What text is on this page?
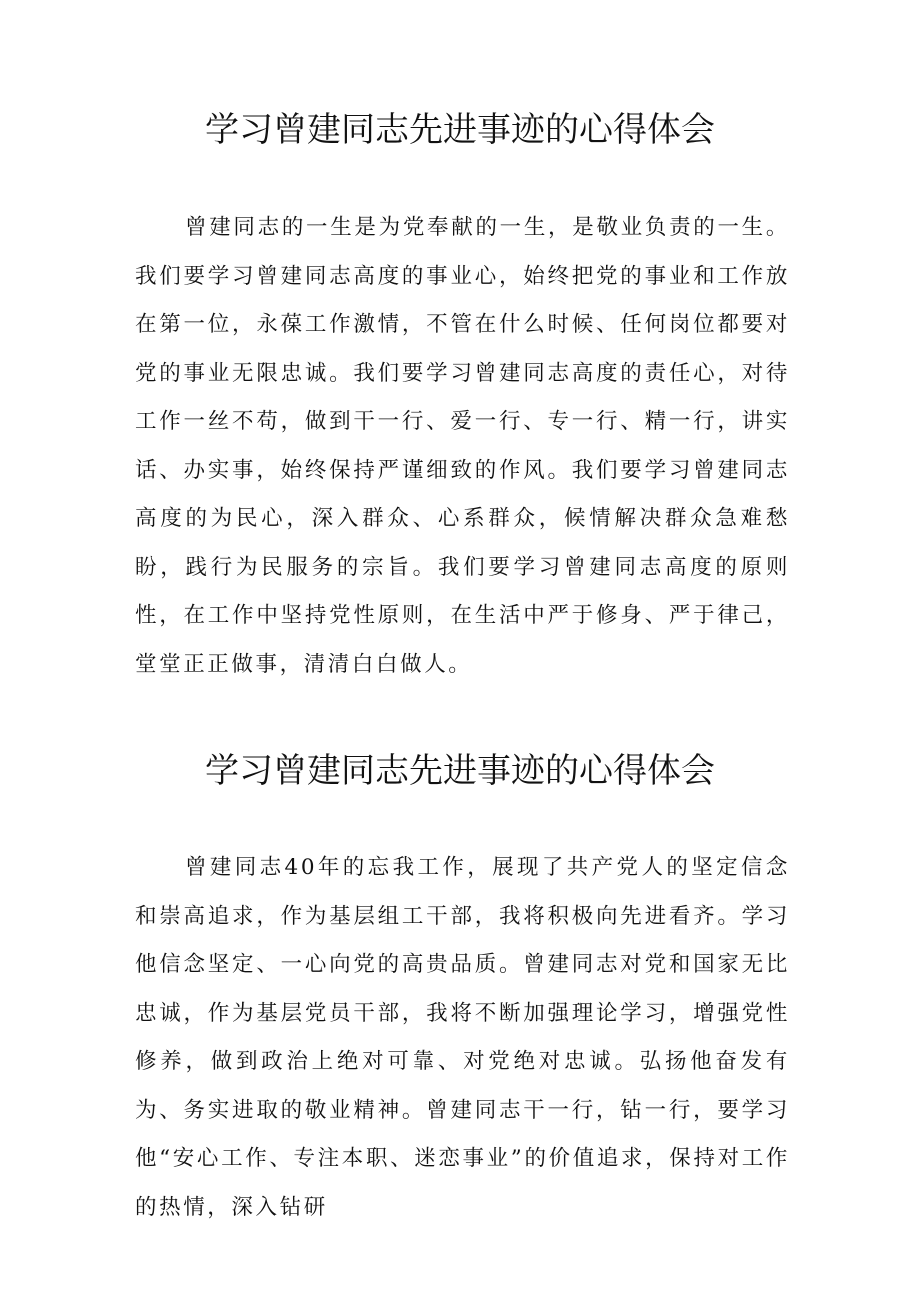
学习曾建同志先进事迹的心得体会

曾建同志的一生是为党奉献的一生，是敬业负责的一生。我们要学习曾建同志高度的事业心，始终把党的事业和工作放在第一位，永葆工作激情，不管在什么时候、任何岗位都要对党的事业无限忠诚。我们要学习曾建同志高度的责任心，对待工作一丝不苟，做到干一行、爱一行、专一行、精一行，讲实话、办实事，始终保持严谨细致的作风。我们要学习曾建同志高度的为民心，深入群众、心系群众，候情解决群众急难愁盼，践行为民服务的宗旨。我们要学习曾建同志高度的原则性，在工作中坚持党性原则，在生活中严于修身、严于律己，堂堂正正做事，清清白白做人。

学习曾建同志先进事迹的心得体会

曾建同志40年的忘我工作，展现了共产党人的坚定信念和崇高追求，作为基层组工干部，我将积极向先进看齐。学习他信念坚定、一心向党的高贵品质。曾建同志对党和国家无比忠诚，作为基层党员干部，我将不断加强理论学习，增强党性修养，做到政治上绝对可靠、对党绝对忠诚。弘扬他奋发有为、务实进取的敬业精神。曾建同志干一行，钻一行，要学习他“安心工作、专注本职、迷恋事业”的价值追求，保持对工作的热情，深入钻研
